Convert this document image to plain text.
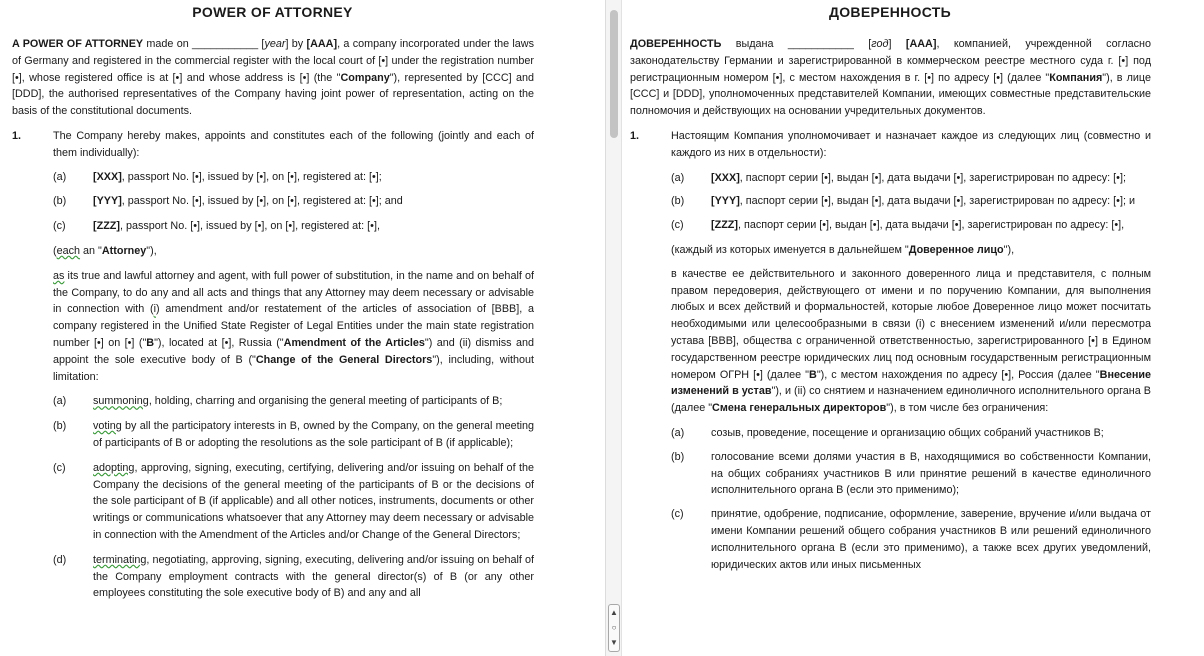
POWER OF ATTORNEY

A POWER OF ATTORNEY made on ___________ [year] by [AAA], a company incorporated under the laws of Germany and registered in the commercial register with the local court of [•] under the registration number [•], whose registered office is at [•] and whose address is [•] (the "Company"), represented by [CCC] and [DDD], the authorised representatives of the Company having joint power of representation, acting on the basis of the constitutional documents.

1.	The Company hereby makes, appoints and constitutes each of the following (jointly and each of them individually):
(a) [XXX], passport No. [•], issued by [•], on [•], registered at: [•];
(b) [YYY], passport No. [•], issued by [•], on [•], registered at: [•]; and
(c)	[ZZZ], passport No. [•], issued by [•], on [•], registered at: [•],

(each an "Attorney"),

as its true and lawful attorney and agent, with full power of substitution, in the name and on behalf of the Company, to do any and all acts and things that any Attorney may deem necessary or advisable in connection with (i) amendment and/or restatement of the articles of association of [BBB], a company registered in the Unified State Register of Legal Entities under the main state registration number [•] on [•] ("B"), located at [•], Russia ("Amendment of the Articles") and (ii) dismiss and appoint the sole executive body of B ("Change of the General Directors"), including, without limitation:

(a) summoning, holding, charring and organising the general meeting of participants of B;
(b) voting by all the participatory interests in B, owned by the Company, on the general meeting of participants of B or adopting the resolutions as the sole participant of B (if applicable);
(c)	adopting, approving, signing, executing, certifying, delivering and/or issuing on behalf of the Company the decisions of the general meeting of the participants of B or the decisions of the sole participant of B (if applicable) and all other notices, instruments, documents or other writings or communications whatsoever that any Attorney may deem necessary or advisable in connection with the Amendment of the Articles and/or Change of the General Directors;
(d) terminating, negotiating, approving, signing, executing, delivering and/or issuing on behalf of the Company employment contracts with the general director(s) of B (or any other employees constituting the sole executive body of B) and any and all
▲
○
▼
ДОВЕРЕННОСТЬ

ДОВЕРЕННОСТЬ выдана ___________ [год] [AAA], компанией, учрежденной согласно законодательству Германии и зарегистрированной в коммерческом реестре местного суда г. [•] под регистрационным номером [•], с местом нахождения в г. [•] по адресу [•] (далее "Компания"), в лице [CCC] и [DDD], уполномоченных представителей Компании, имеющих совместные представительские полномочия и действующих на основании учредительных документов.

1.	Настоящим Компания уполномочивает и назначает каждое из следующих лиц (совместно и каждого из них в отдельности):
(a) [XXX], паспорт серии [•], выдан [•], дата выдачи [•], зарегистрирован по адресу: [•];
(b) [YYY], паспорт серии [•], выдан [•], дата выдачи [•], зарегистрирован по адресу: [•]; и
(c)	[ZZZ], паспорт серии [•], выдан [•], дата выдачи [•], зарегистрирован по адресу: [•],

(каждый из которых именуется в дальнейшем "Доверенное лицо"),

в качестве ее действительного и законного доверенного лица и представителя, с полным правом передоверия, действующего от имени и по поручению Компании, для выполнения любых и всех действий и формальностей, которые любое Доверенное лицо может посчитать необходимыми или целесообразными в связи (i) с внесением изменений и/или пересмотра устава [BBB], общества с ограниченной ответственностью, зарегистрированного [•] в Едином государственном реестре юридических лиц под основным государственным регистрационным номером ОГРН [•] (далее "B"), с местом нахождения по адресу [•], Россия (далее "Внесение изменений в устав"), и (ii) со снятием и назначением единоличного исполнительного органа B (далее "Смена генеральных директоров"), в том числе без ограничения:

(a) созыв, проведение, посещение и организацию общих собраний участников B;
(b) голосование всеми долями участия в B, находящимися во собственности Компании, на общих собраниях участников B или принятие решений в качестве единоличного исполнительного органа B (если это применимо);
(c)	принятие, одобрение, подписание, оформление, заверение, вручение и/или выдача от имени Компании решений общего собрания участников B или решений единоличного исполнительного органа B (если это применимо), а также всех других уведомлений, юридических актов или иных письменных
